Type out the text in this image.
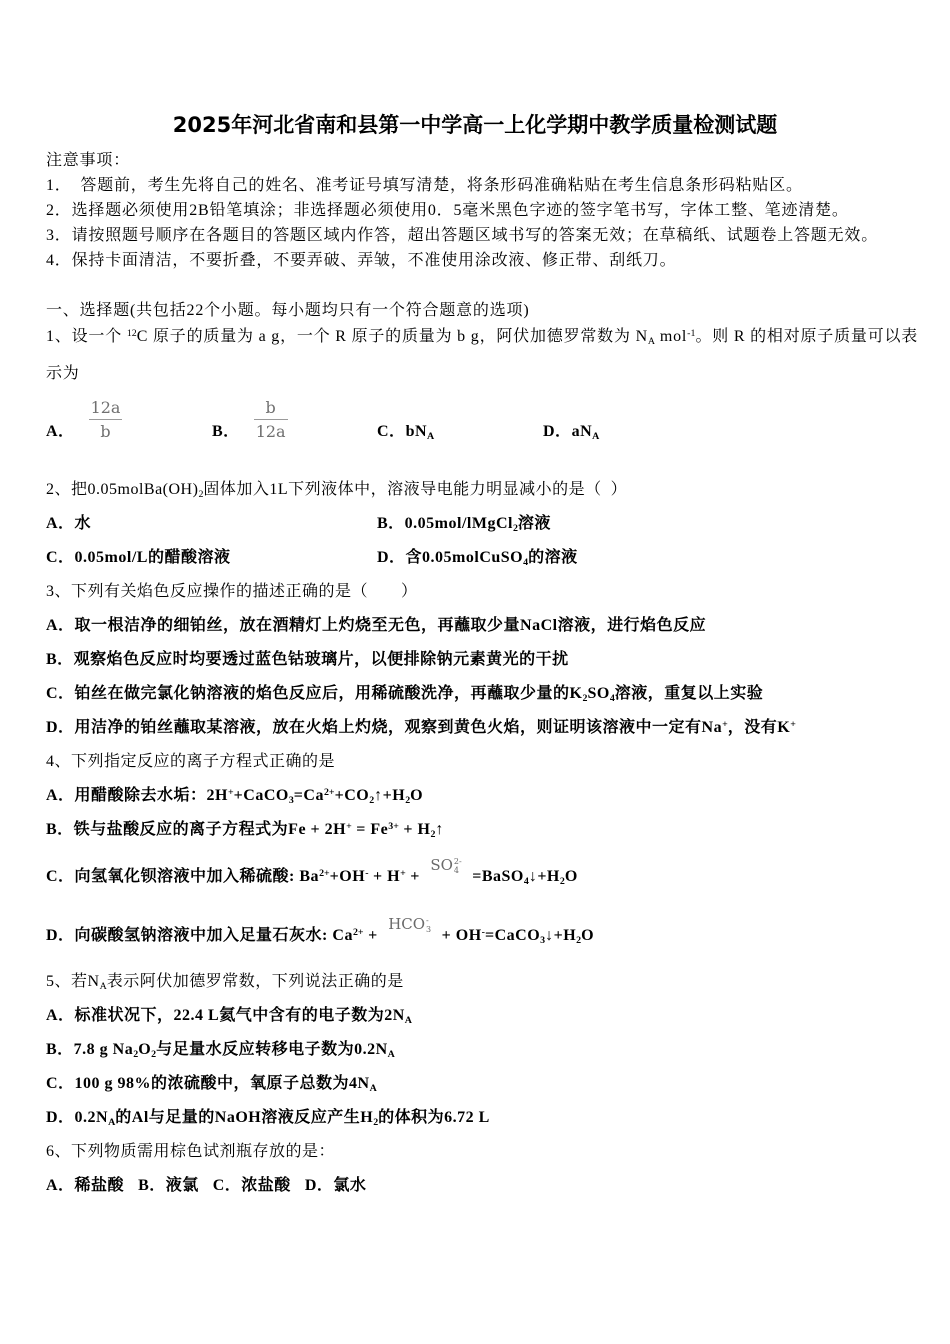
2025年河北省南和县第一中学高一上化学期中教学质量检测试题
注意事项：
1．　答题前，考生先将自己的姓名、准考证号填写清楚，将条形码准确粘贴在考生信息条形码粘贴区。
2．选择题必须使用2B铅笔填涂；非选择题必须使用0．5毫米黑色字迹的签字笔书写，字体工整、笔迹清楚。
3．请按照题号顺序在各题目的答题区域内作答，超出答题区域书写的答案无效；在草稿纸、试题卷上答题无效。
4．保持卡面清洁，不要折叠，不要弄破、弄皱，不准使用涂改液、修正带、刮纸刀。
一、选择题(共包括22个小题。每小题均只有一个符合题意的选项)
1、设一个 $^{12}$C 原子的质量为 a g，一个 R 原子的质量为 b g，阿伏加德罗常数为 $N_A$ mol$^{-1}$。则 R 的相对原子质量可以表示为
A． $\frac{12a}{b}$	B． $\frac{b}{12a}$	C． $bN_A$	D． $aN_A$
2、把$0.05molBa(OH)_2$固体加入1L下列液体中，溶液导电能力明显减小的是（  ）
A．水	B．0.05mol/lMgCl$_2$溶液
C．0.05mol/L的醋酸溶液	D．含0.05molCuSO$_4$的溶液
3、下列有关焰色反应操作的描述正确的是（　　）
A．取一根洁净的细铂丝，放在酒精灯上灼烧至无色，再蘸取少量NaCl溶液，进行焰色反应
B．观察焰色反应时均要透过蓝色钴玻璃片，以便排除钠元素黄光的干扰
C．铂丝在做完氯化钠溶液的焰色反应后，用稀硫酸洗净，再蘸取少量的$K_2SO_4$溶液，重复以上实验
D．用洁净的铂丝蘸取某溶液，放在火焰上灼烧，观察到黄色火焰，则证明该溶液中一定有Na+，没有K+
4、下列指定反应的离子方程式正确的是
A．用醋酸除去水垢：$2H^++CaCO_3=Ca^{2+}+CO_2↑+H_2O$
B．铁与盐酸反应的离子方程式为$Fe + 2H^+ = Fe^{3+}$ + $H_2↑$
C．向氢氧化钡溶液中加入稀硫酸: $Ba^{2+}+OH^- + H^+$ + SO 2-
$4 =BaSO_4↓+H_2O$
D．向碳酸氢钠溶液中加入足量石灰水: $Ca^{2+}$ + HCO -
$3 + OH^-=CaCO_3↓+H_2O$
5、若$N_A$表示阿伏加德罗常数，下列说法正确的是
A．标准状况下，22.4 L氦气中含有的电子数为$2N_A$
B．7.8 g $Na_2O_2$与足量水反应转移电子数为$0.2N_A$
C．100 g 98%的浓硫酸中，氧原子总数为$4N_A$
D．$0.2N_A$的Al与足量的NaOH溶液反应产生$H_2$的体积为6.72 L
6、下列物质需用棕色试剂瓶存放的是：
A．稀盐酸 B．液氯 C．浓盐酸 D．氯水
